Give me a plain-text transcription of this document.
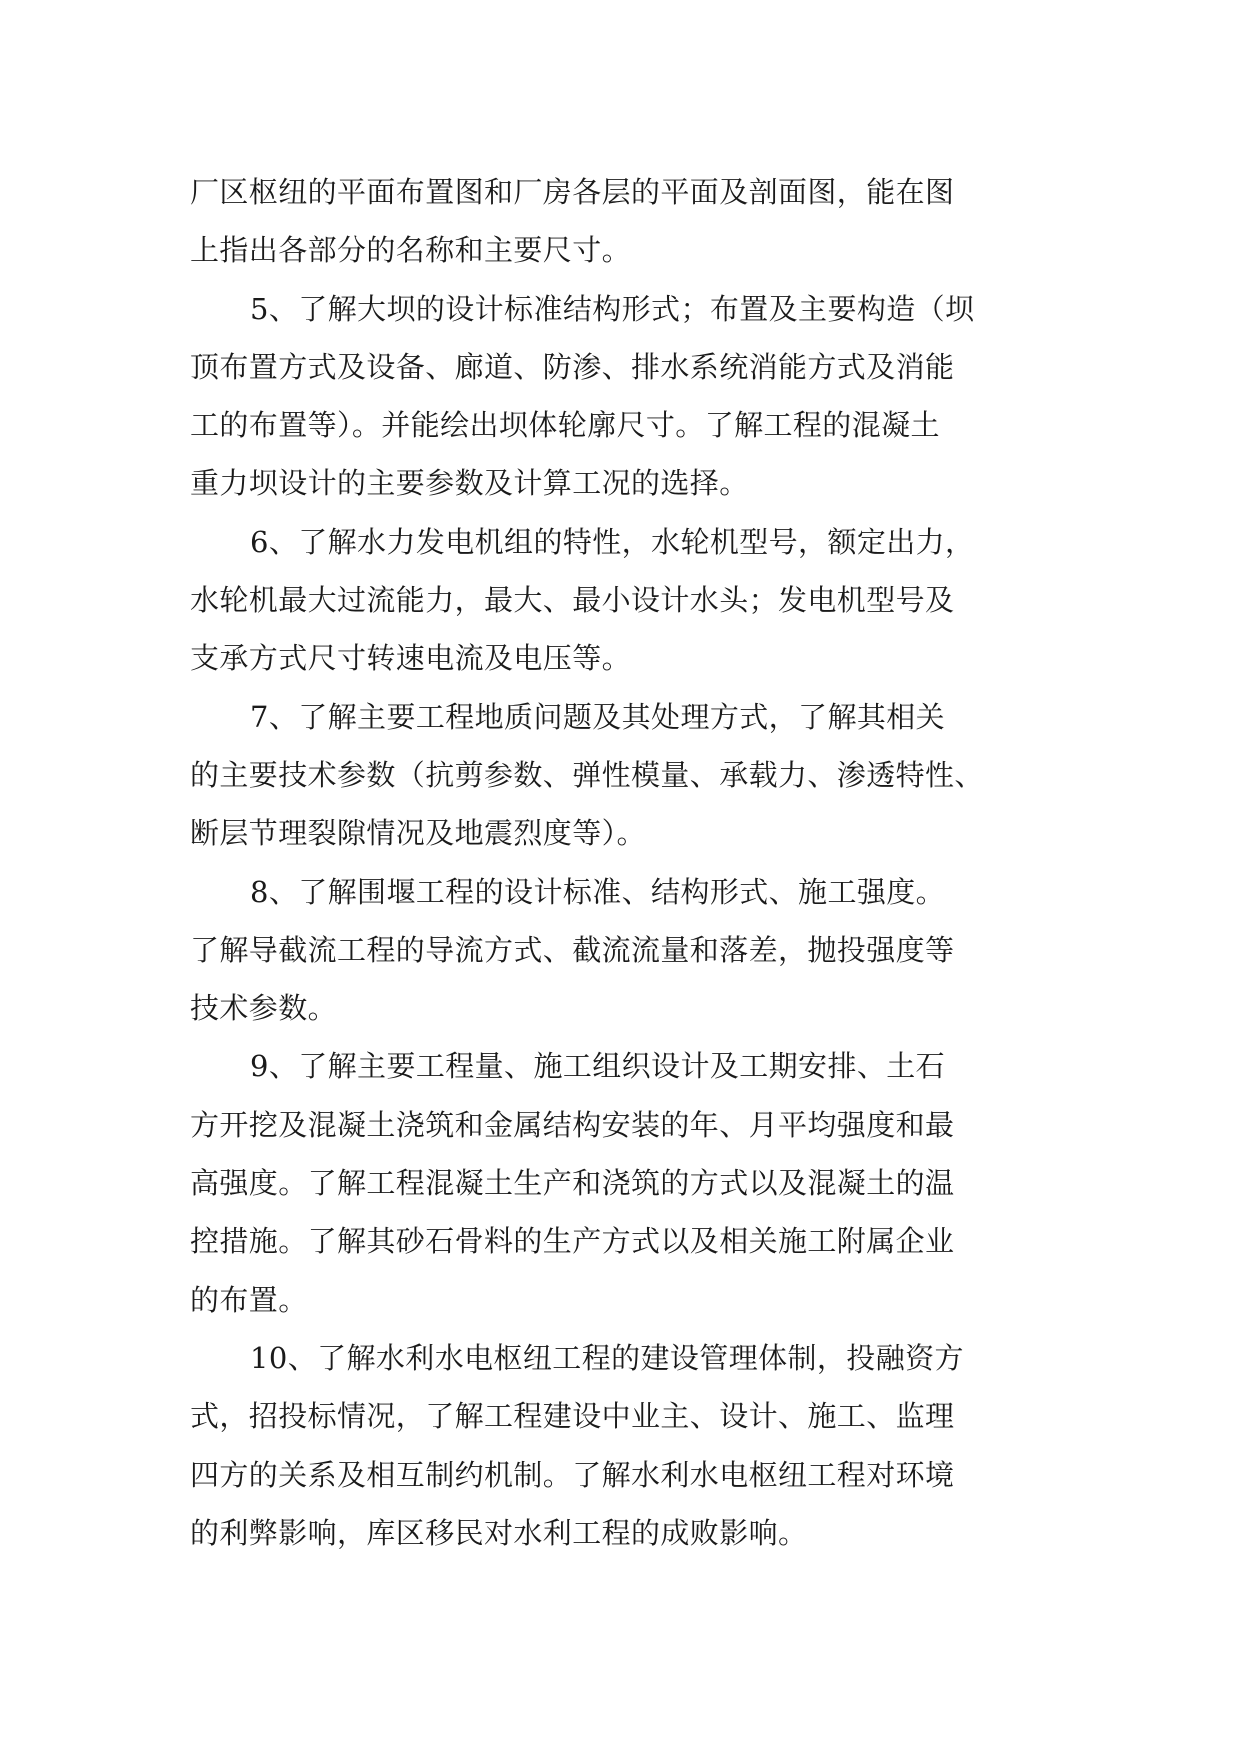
厂区枢纽的平面布置图和厂房各层的平面及剖面图，能在图
上指出各部分的名称和主要尺寸。
5、了解大坝的设计标准结构形式；布置及主要构造（坝
顶布置方式及设备、廊道、防渗、排水系统消能方式及消能
工的布置等）。并能绘出坝体轮廓尺寸。了解工程的混凝土
重力坝设计的主要参数及计算工况的选择。
6、了解水力发电机组的特性，水轮机型号，额定出力，
水轮机最大过流能力，最大、最小设计水头；发电机型号及
支承方式尺寸转速电流及电压等。
7、了解主要工程地质问题及其处理方式，了解其相关
的主要技术参数（抗剪参数、弹性模量、承载力、渗透特性、
断层节理裂隙情况及地震烈度等）。
8、了解围堰工程的设计标准、结构形式、施工强度。
了解导截流工程的导流方式、截流流量和落差，抛投强度等
技术参数。
9、了解主要工程量、施工组织设计及工期安排、土石
方开挖及混凝土浇筑和金属结构安装的年、月平均强度和最
高强度。了解工程混凝土生产和浇筑的方式以及混凝土的温
控措施。了解其砂石骨料的生产方式以及相关施工附属企业
的布置。
10、了解水利水电枢纽工程的建设管理体制，投融资方
式，招投标情况，了解工程建设中业主、设计、施工、监理
四方的关系及相互制约机制。了解水利水电枢纽工程对环境
的利弊影响，库区移民对水利工程的成败影响。
